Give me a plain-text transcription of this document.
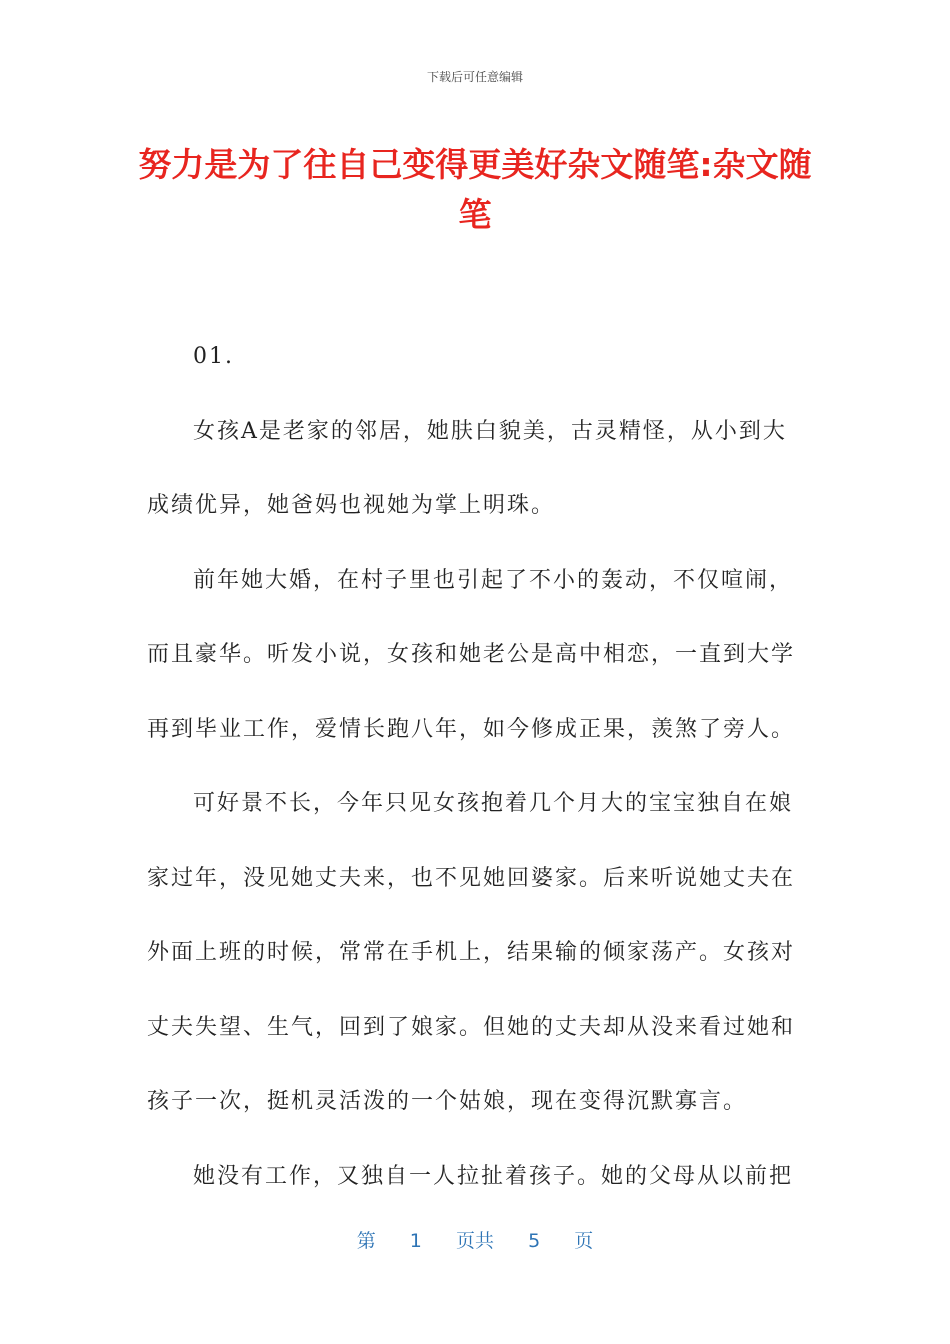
下载后可任意编辑
努力是为了往自己变得更美好杂文随笔:杂文随笔

01.

女孩A是老家的邻居，她肤白貌美，古灵精怪，从小到大成绩优异，她爸妈也视她为掌上明珠。

前年她大婚，在村子里也引起了不小的轰动，不仅喧闹，而且豪华。听发小说，女孩和她老公是高中相恋，一直到大学再到毕业工作，爱情长跑八年，如今修成正果，羡煞了旁人。

可好景不长，今年只见女孩抱着几个月大的宝宝独自在娘家过年，没见她丈夫来，也不见她回婆家。后来听说她丈夫在外面上班的时候，常常在手机上，结果输的倾家荡产。女孩对丈夫失望、生气，回到了娘家。但她的丈夫却从没来看过她和孩子一次，挺机灵活泼的一个姑娘，现在变得沉默寡言。

她没有工作，又独自一人拉扯着孩子。她的父母从以前把

第 1 页共 5 页
